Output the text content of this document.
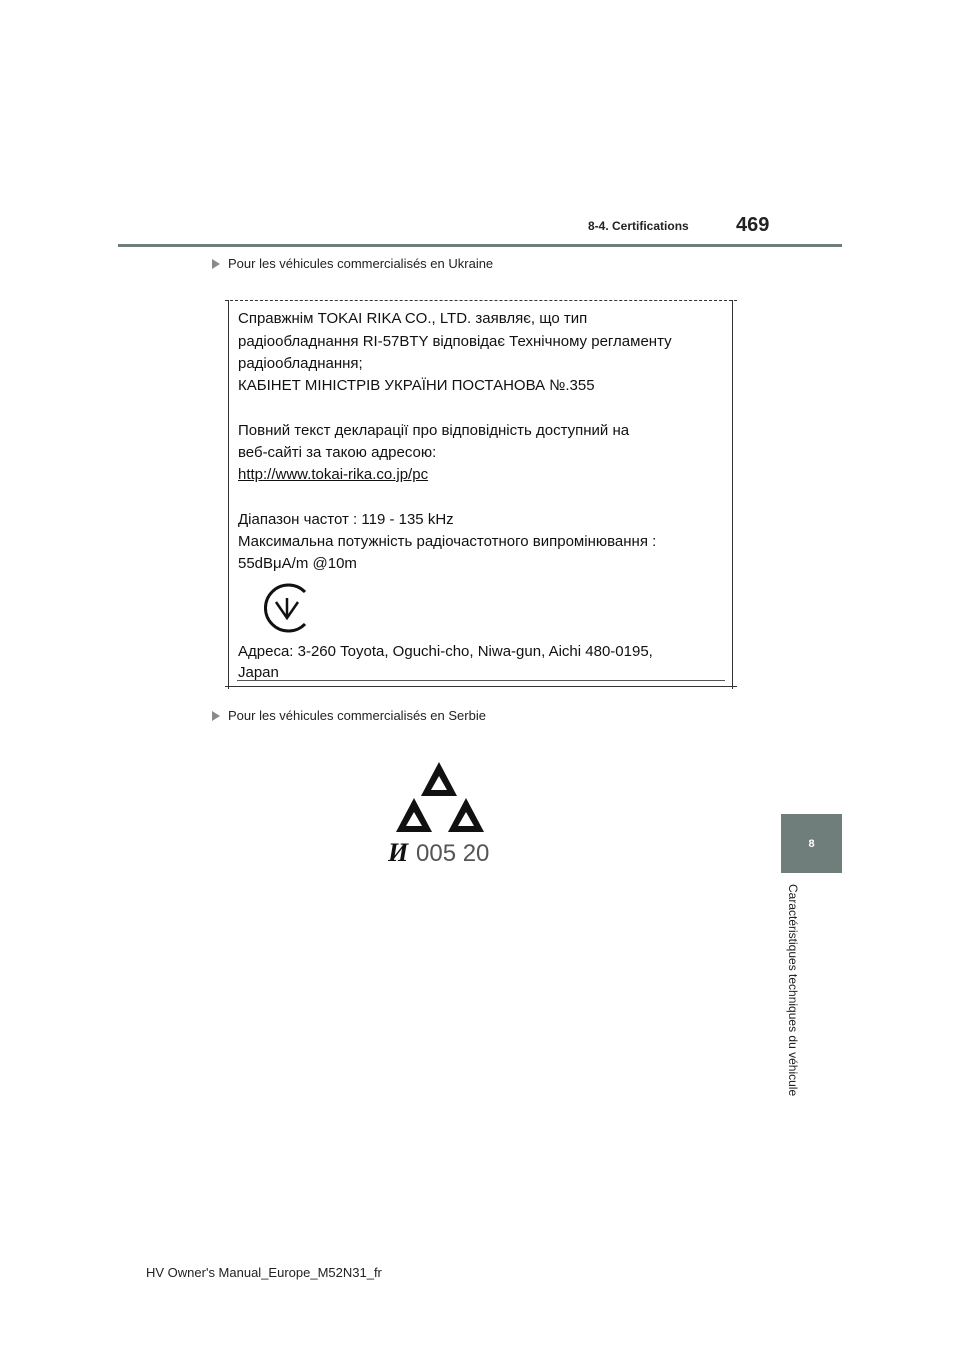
8-4. Certifications 469
Pour les véhicules commercialisés en Ukraine
Справжнім TOKAI RIKA CO., LTD. заявляє, що тип
радіообладнання RI-57BTY відповідає Технічному регламенту
радіообладнання;
КАБІНЕТ МІНІСТРІВ УКРАЇНИ ПОСТАНОВА №.355
Повний текст декларації про відповідність доступний на
веб-сайті за такою адресою:
http://www.tokai-rika.co.jp/pc
Діапазон частот : 119 - 135 kHz
Максимальна потужність радіочастотного випромінювання :
55dBμA/m @10m
Адреса: 3-260 Toyota, Oguchi-cho, Niwa-gun, Aichi 480-0195,
Japan
Pour les véhicules commercialisés en Serbie
И 005 20	8
Caractéristiques techniques du véhicule
HV Owner's Manual_Europe_M52N31_fr
